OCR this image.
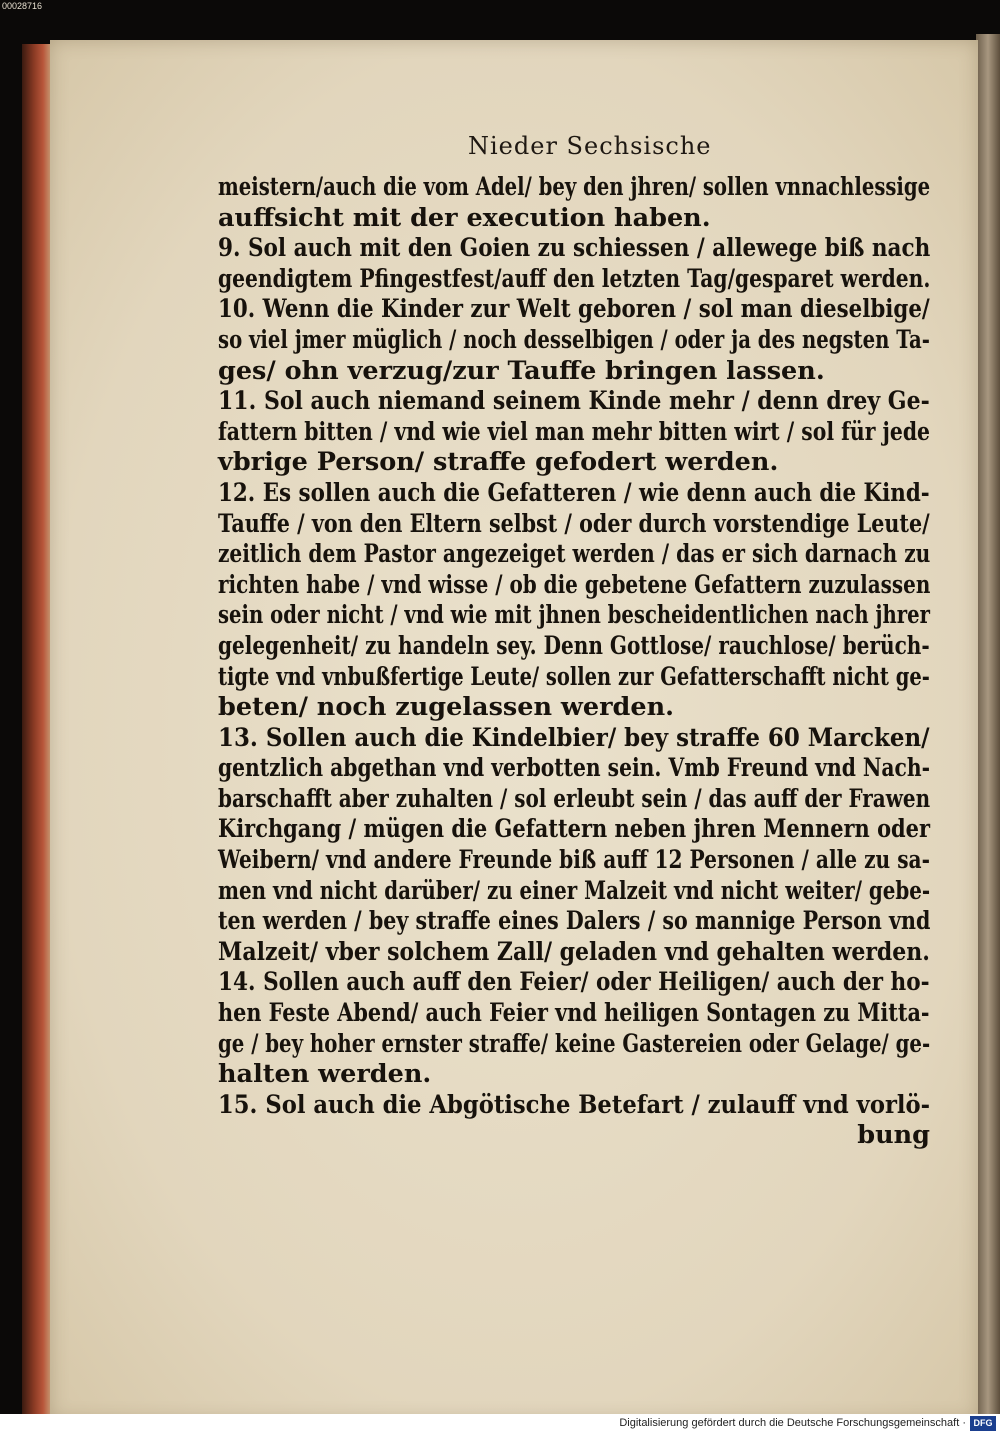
00028716
Nieder Sechsische
meistern/auch die vom Adel/ bey den jhren/ sollen vnnachlessige
auffsicht mit der execution haben.
9. Sol auch mit den Goien zu schiessen / allewege biß nach
geendigtem Pfingestfest/auff den letzten Tag/gesparet werden.
10. Wenn die Kinder zur Welt geboren / sol man dieselbige/
so viel jmer müglich / noch desselbigen / oder ja des negsten Ta-
ges/ ohn verzug/zur Tauffe bringen lassen.
11. Sol auch niemand seinem Kinde mehr / denn drey Ge-
fattern bitten / vnd wie viel man mehr bitten wirt / sol für jede
vbrige Person/ straffe gefodert werden.
12. Es sollen auch die Gefatteren / wie denn auch die Kind-
Tauffe / von den Eltern selbst / oder durch vorstendige Leute/
zeitlich dem Pastor angezeiget werden / das er sich darnach zu
richten habe / vnd wisse / ob die gebetene Gefattern zuzulassen
sein oder nicht / vnd wie mit jhnen bescheidentlichen nach jhrer
gelegenheit/ zu handeln sey. Denn Gottlose/ rauchlose/ berüch-
tigte vnd vnbußfertige Leute/ sollen zur Gefatterschafft nicht ge-
beten/ noch zugelassen werden.
13. Sollen auch die Kindelbier/ bey straffe 60 Marcken/
gentzlich abgethan vnd verbotten sein. Vmb Freund vnd Nach-
barschafft aber zuhalten / sol erleubt sein / das auff der Frawen
Kirchgang / mügen die Gefattern neben jhren Mennern oder
Weibern/ vnd andere Freunde biß auff 12 Personen / alle zu sa-
men vnd nicht darüber/ zu einer Malzeit vnd nicht weiter/ gebe-
ten werden / bey straffe eines Dalers / so mannige Person vnd
Malzeit/ vber solchem Zall/ geladen vnd gehalten werden.
14. Sollen auch auff den Feier/ oder Heiligen/ auch der ho-
hen Feste Abend/ auch Feier vnd heiligen Sontagen zu Mitta-
ge / bey hoher ernster straffe/ keine Gastereien oder Gelage/ ge-
halten werden.
15. Sol auch die Abgötische Betefart / zulauff vnd vorlö-
bung
Digitalisierung gefördert durch die Deutsche Forschungsgemeinschaft · DFG
